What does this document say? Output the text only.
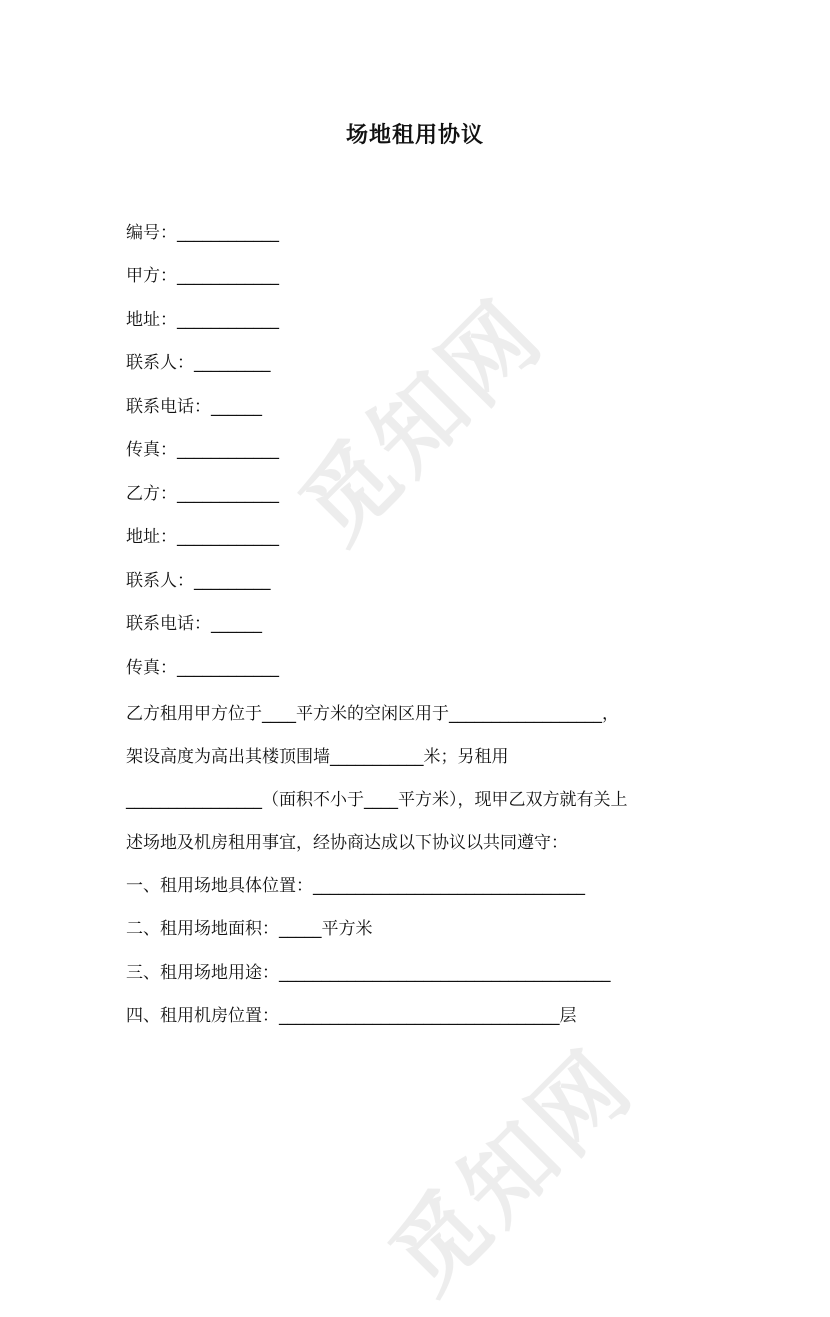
觅知网
觅知网
场地租用协议
编号：____________
甲方：____________
地址：____________
联系人：_________
联系电话：______
传真：____________
乙方：____________
地址：____________
联系人：_________
联系电话：______
传真：____________
乙方租用甲方位于____平方米的空闲区用于__________________，
架设高度为高出其楼顶围墙___________米；另租用
________________（面积不小于____平方米），现甲乙双方就有关上
述场地及机房租用事宜，经协商达成以下协议以共同遵守：
一、租用场地具体位置：________________________________
二、租用场地面积：_____平方米
三、租用场地用途：_______________________________________
四、租用机房位置：_________________________________层
